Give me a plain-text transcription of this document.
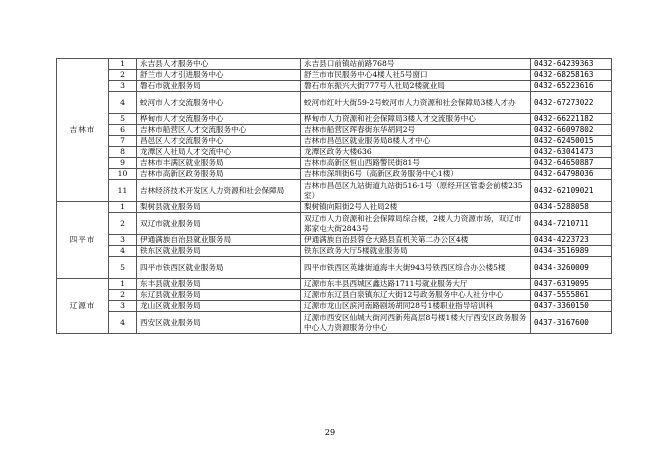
吉林市	1	永吉县人才服务中心	永吉县口前镇站前路768号	0432-64239363
	2	舒兰市人才引进服务中心	舒兰市市民服务中心4楼人社5号窗口	0432-68258163
	3	磐石市就业服务局	磐石市东振兴大街777号人社局2楼就业局	0432-65223616
	4	蛟河市人才交流服务中心	蛟河市红叶大街59-2号蛟河市人力资源和社会保障局3楼人才办	0432-67273022
	5	桦甸市人才交流服务中心	桦甸市人力资源和社会保障局3楼人才交流服务中心	0432-66221182
	6	吉林市船营区人才交流服务中心	吉林市船营区珲春街东华胡同2号	0432-66097802
	7	昌邑区人才交流服务中心	吉林市昌邑区就业服务局8楼人才中心	0432-62450015
	8	龙潭区人社局人才交流中心	龙潭区政务大楼636	0432-63041473
	9	吉林市丰满区就业服务局	吉林市高新区恒山西路警民街81号	0432-64650887
	10	吉林市高新区政务服务局	吉林市深圳街6号（高新区政务服务中心1楼）	0432-64798036
	11	吉林经济技术开发区人力资源和社会保障局	吉林市昌邑区九站街道九站街516-1号（原经开区管委会前楼235室）	0432-62109021
四平市	1	梨树县就业服务局	梨树镇向阳街2号人社局2楼	0434-5288058
	2	双辽市就业服务局	双辽市人力资源和社会保障局综合楼，2楼人力资源市场，双辽市郑家屯大街2843号	0434-7210711
	3	伊通满族自治县就业服务局	伊通满族自治县蓉仓大路县直机关第二办公区4楼	0434-4223723
	4	铁东区就业服务局	铁东区政务大厅5楼就业服务局	0434-3516989
	5	四平市铁西区就业服务局	四平市铁西区英雄街道海丰大街943号铁西区综合办公楼5楼	0434-3260009
辽源市	1	东丰县就业服务局	辽源市东丰县西城区鑫达路1711号就业服务大厅	0437-6319095
	2	东辽县就业服务局	辽源市东辽县白泉镇东辽大街12号政务服务中心人社分中心	0437-5555861
	3	龙山区就业服务局	辽源市龙山区滨河南路剧场胡同28号1楼职业指导培训科	0437-3360150
	4	西安区就业服务局	辽源市西安区仙城大街河西新苑高层8号楼1楼大厅西安区政务服务中心人力资源服务分中心	0437-3167600
29
